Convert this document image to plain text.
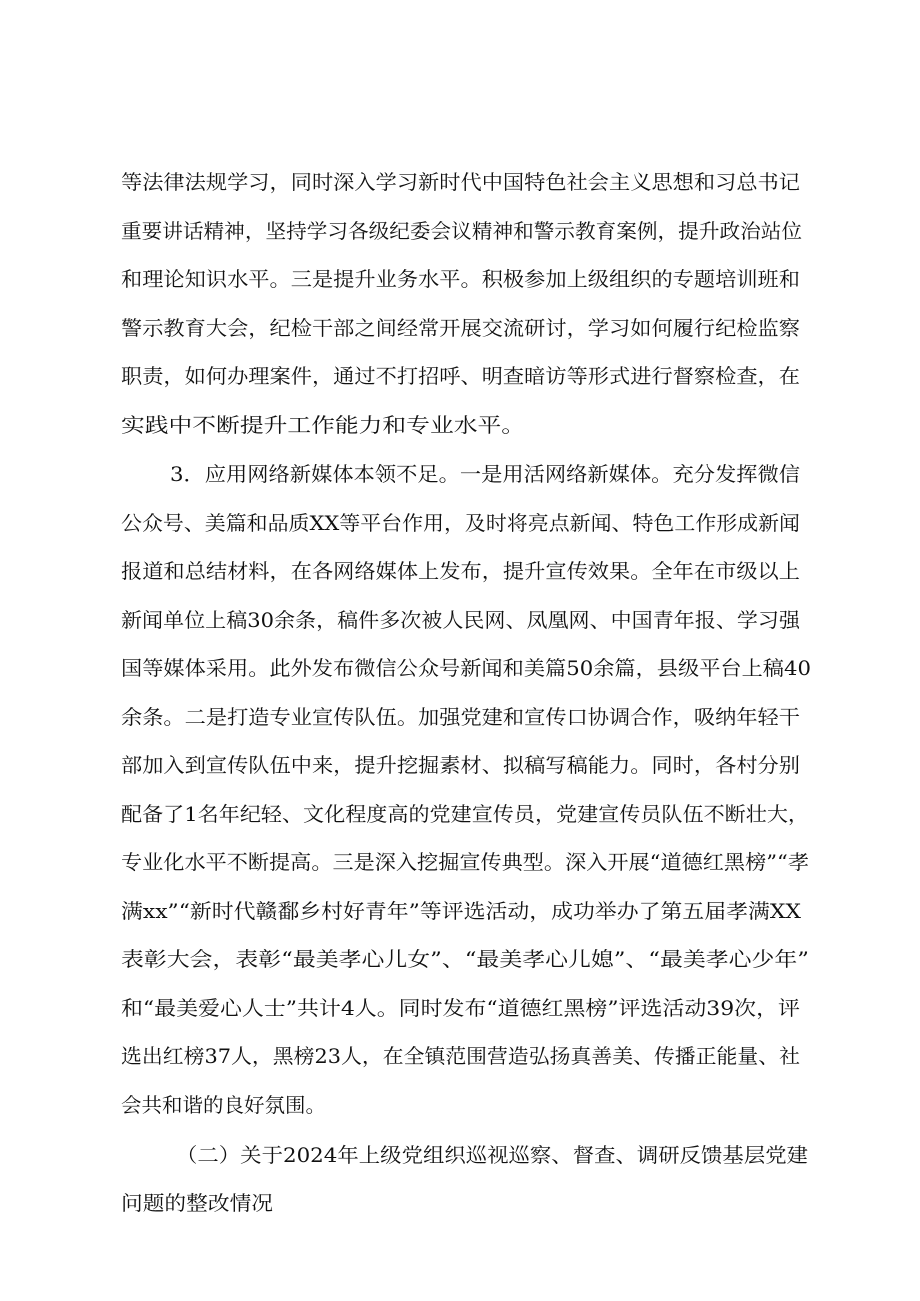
等法律法规学习，同时深入学习新时代中国特色社会主义思想和习总书记

重要讲话精神，坚持学习各级纪委会议精神和警示教育案例，提升政治站位

和理论知识水平。三是提升业务水平。积极参加上级组织的专题培训班和

警示教育大会，纪检干部之间经常开展交流研讨，学习如何履行纪检监察

职责，如何办理案件，通过不打招呼、明查暗访等形式进行督察检查，在

实践中不断提升工作能力和专业水平。

3．应用网络新媒体本领不足。一是用活网络新媒体。充分发挥微信

公众号、美篇和品质XX等平台作用，及时将亮点新闻、特色工作形成新闻

报道和总结材料，在各网络媒体上发布，提升宣传效果。全年在市级以上

新闻单位上稿30余条，稿件多次被人民网、凤凰网、中国青年报、学习强

国等媒体采用。此外发布微信公众号新闻和美篇50余篇，县级平台上稿40

余条。二是打造专业宣传队伍。加强党建和宣传口协调合作，吸纳年轻干

部加入到宣传队伍中来，提升挖掘素材、拟稿写稿能力。同时，各村分别

配备了1名年纪轻、文化程度高的党建宣传员，党建宣传员队伍不断壮大，

专业化水平不断提高。三是深入挖掘宣传典型。深入开展“道德红黑榜”“孝

满xx”“新时代赣鄱乡村好青年”等评选活动，成功举办了第五届孝满XX

表彰大会，表彰“最美孝心儿女”、“最美孝心儿媳”、“最美孝心少年”

和“最美爱心人士”共计4人。同时发布“道德红黑榜”评选活动39次，评

选出红榜37人，黑榜23人，在全镇范围营造弘扬真善美、传播正能量、社

会共和谐的良好氛围。

（二）关于2024年上级党组织巡视巡察、督查、调研反馈基层党建

问题的整改情况
